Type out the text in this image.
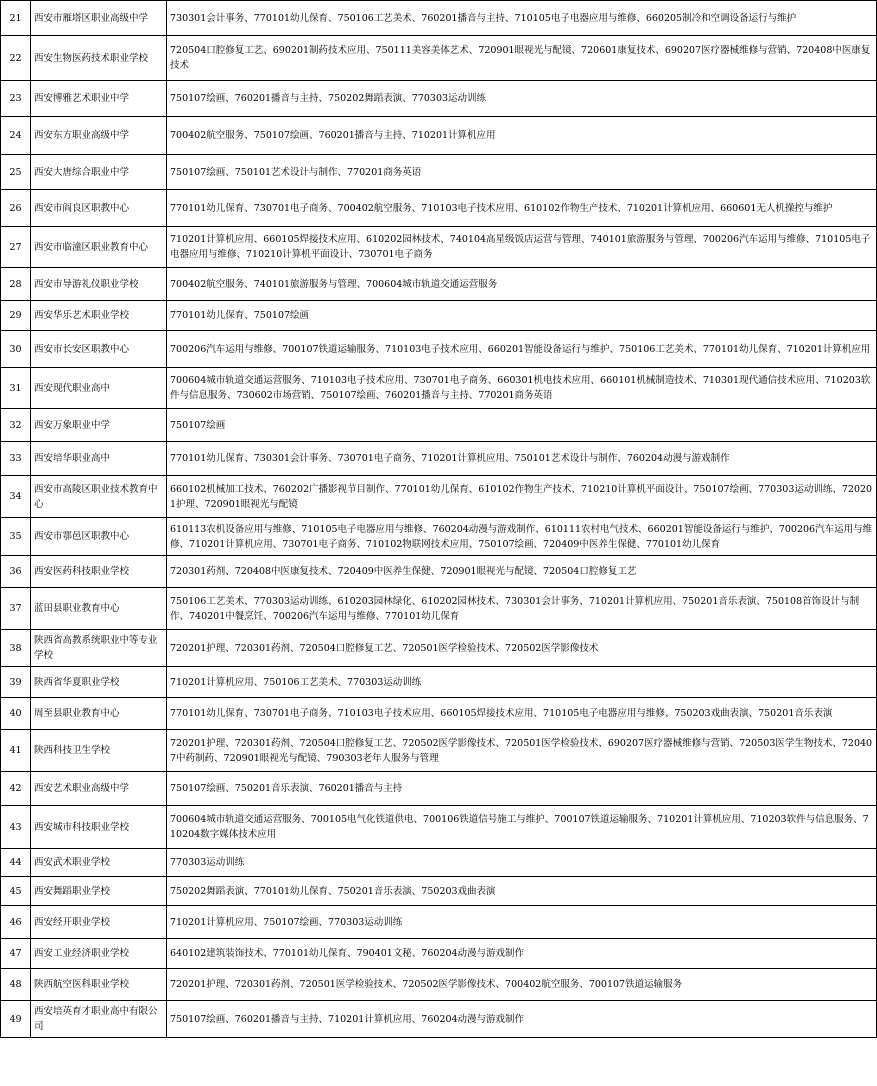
21	西安市雁塔区职业高级中学	730301会计事务、770101幼儿保育、750106工艺美术、760201播音与主持、710105电子电器应用与维修、660205制冷和空调设备运行与维护
22	西安生物医药技术职业学校	720504口腔修复工艺、690201制药技术应用、750111美容美体艺术、720901眼视光与配镜、720601康复技术、690207医疗器械维修与营销、720408中医康复技术
23	西安博雅艺术职业中学	750107绘画、760201播音与主持、750202舞蹈表演、770303运动训练
24	西安东方职业高级中学	700402航空服务、750107绘画、760201播音与主持、710201计算机应用
25	西安大唐综合职业中学	750107绘画、750101艺术设计与制作、770201商务英语
26	西安市阎良区职教中心	770101幼儿保育、730701电子商务、700402航空服务、710103电子技术应用、610102作物生产技术、710201计算机应用、660601无人机操控与维护
27	西安市临潼区职业教育中心	710201计算机应用、660105焊接技术应用、610202园林技术、740104高星级饭店运营与管理、740101旅游服务与管理、700206汽车运用与维修、710105电子电器应用与维修、710210计算机平面设计、730701电子商务
28	西安市导游礼仪职业学校	700402航空服务、740101旅游服务与管理、700604城市轨道交通运营服务
29	西安华乐艺术职业学校	770101幼儿保育、750107绘画
30	西安市长安区职教中心	700206汽车运用与维修、700107铁道运输服务、710103电子技术应用、660201智能设备运行与维护、750106工艺美术、770101幼儿保育、710201计算机应用
31	西安现代职业高中	700604城市轨道交通运营服务、710103电子技术应用、730701电子商务、660301机电技术应用、660101机械制造技术、710301现代通信技术应用、710203软件与信息服务、730602市场营销、750107绘画、760201播音与主持、770201商务英语
32	西安万象职业中学	750107绘画
33	西安培华职业高中	770101幼儿保育、730301会计事务、730701电子商务、710201计算机应用、750101艺术设计与制作、760204动漫与游戏制作
34	西安市高陵区职业技术教育中心	660102机械加工技术、760202广播影视节目制作、770101幼儿保育、610102作物生产技术、710210计算机平面设计、750107绘画、770303运动训练、720201护理、720901眼视光与配镜
35	西安市鄠邑区职教中心	610113农机设备应用与维修、710105电子电器应用与维修、760204动漫与游戏制作、610111农村电气技术、660201智能设备运行与维护、700206汽车运用与维修、710201计算机应用、730701电子商务、710102物联网技术应用、750107绘画、720409中医养生保健、770101幼儿保育
36	西安医药科技职业学校	720301药剂、720408中医康复技术、720409中医养生保健、720901眼视光与配镜、720504口腔修复工艺
37	蓝田县职业教育中心	750106工艺美术、770303运动训练、610203园林绿化、610202园林技术、730301会计事务、710201计算机应用、750201音乐表演、750108首饰设计与制作、740201中餐烹饪、700206汽车运用与维修、770101幼儿保育
38	陕西省高教系统职业中等专业学校	720201护理、720301药剂、720504口腔修复工艺、720501医学检验技术、720502医学影像技术
39	陕西省华夏职业学校	710201计算机应用、750106工艺美术、770303运动训练
40	周至县职业教育中心	770101幼儿保育、730701电子商务、710103电子技术应用、660105焊接技术应用、710105电子电器应用与维修、750203戏曲表演、750201音乐表演
41	陕西科技卫生学校	720201护理、720301药剂、720504口腔修复工艺、720502医学影像技术、720501医学检验技术、690207医疗器械维修与营销、720503医学生物技术、720407中药制药、720901眼视光与配镜、790303老年人服务与管理
42	西安艺术职业高级中学	750107绘画、750201音乐表演、760201播音与主持
43	西安城市科技职业学校	700604城市轨道交通运营服务、700105电气化铁道供电、700106铁道信号施工与维护、700107铁道运输服务、710201计算机应用、710203软件与信息服务、710204数字媒体技术应用
44	西安武术职业学校	770303运动训练
45	西安舞蹈职业学校	750202舞蹈表演、770101幼儿保育、750201音乐表演、750203戏曲表演
46	西安经开职业学校	710201计算机应用、750107绘画、770303运动训练
47	西安工业经济职业学校	640102建筑装饰技术、770101幼儿保育、790401文秘、760204动漫与游戏制作
48	陕西航空医科职业学校	720201护理、720301药剂、720501医学检验技术、720502医学影像技术、700402航空服务、700107铁道运输服务
49	西安培英育才职业高中有限公司	750107绘画、760201播音与主持、710201计算机应用、760204动漫与游戏制作
